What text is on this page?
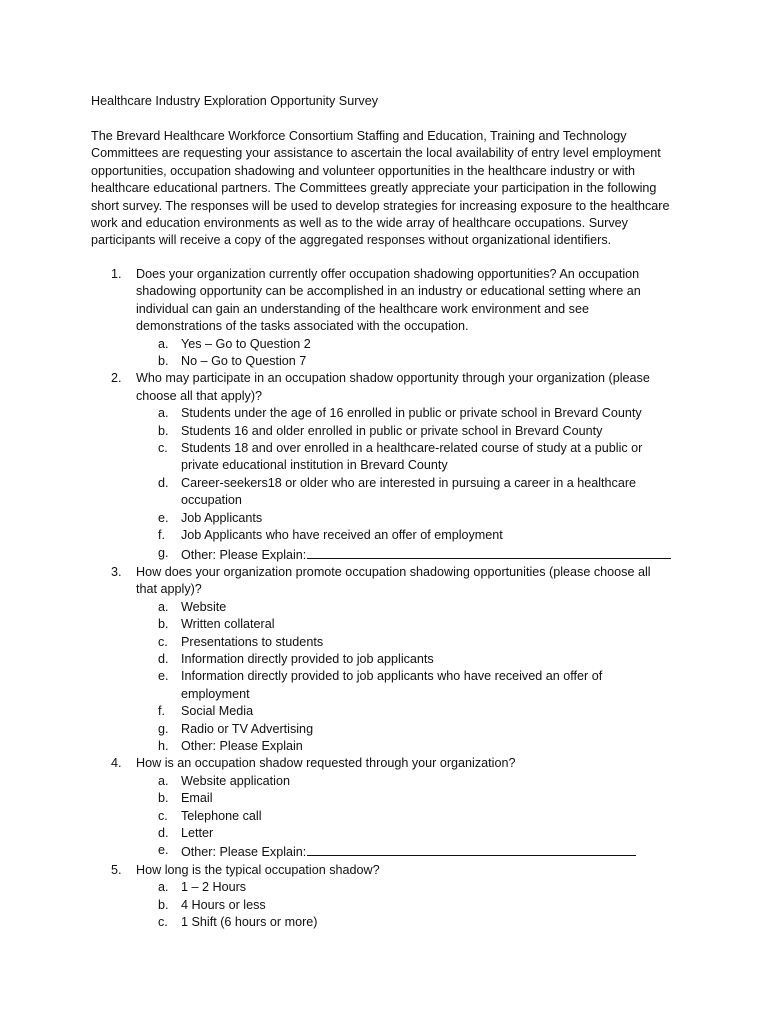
Healthcare Industry Exploration Opportunity Survey
The Brevard Healthcare Workforce Consortium Staffing and Education, Training and Technology
Committees are requesting your assistance to ascertain the local availability of entry level employment
opportunities, occupation shadowing and volunteer opportunities in the healthcare industry or with
healthcare educational partners. The Committees greatly appreciate your participation in the following
short survey. The responses will be used to develop strategies for increasing exposure to the healthcare
work and education environments as well as to the wide array of healthcare occupations. Survey
participants will receive a copy of the aggregated responses without organizational identifiers.
1.	Does your organization currently offer occupation shadowing opportunities? An occupation
shadowing opportunity can be accomplished in an industry or educational setting where an
individual can gain an understanding of the healthcare work environment and see
demonstrations of the tasks associated with the occupation.
a. Yes – Go to Question 2
b. No – Go to Question 7
2.	Who may participate in an occupation shadow opportunity through your organization (please
choose all that apply)?
a. Students under the age of 16 enrolled in public or private school in Brevard County
b. Students 16 and older enrolled in public or private school in Brevard County
c.	Students 18 and over enrolled in a healthcare-related course of study at a public or
private educational institution in Brevard County
d. Career-seekers18 or older who are interested in pursuing a career in a healthcare
occupation
e. Job Applicants
f.	Job Applicants who have received an offer of employment
g. Other: Please Explain:
3.	How does your organization promote occupation shadowing opportunities (please choose all
that apply)?
a. Website
b. Written collateral
c.	Presentations to students
d. Information directly provided to job applicants
e. Information directly provided to job applicants who have received an offer of
employment
f.	Social Media
g. Radio or TV Advertising
h. Other: Please Explain
4.	How is an occupation shadow requested through your organization?
a. Website application
b. Email
c.	Telephone call
d. Letter
e. Other: Please Explain:
5.	How long is the typical occupation shadow?
a. 1 – 2 Hours
b. 4 Hours or less
c.	1 Shift (6 hours or more)
